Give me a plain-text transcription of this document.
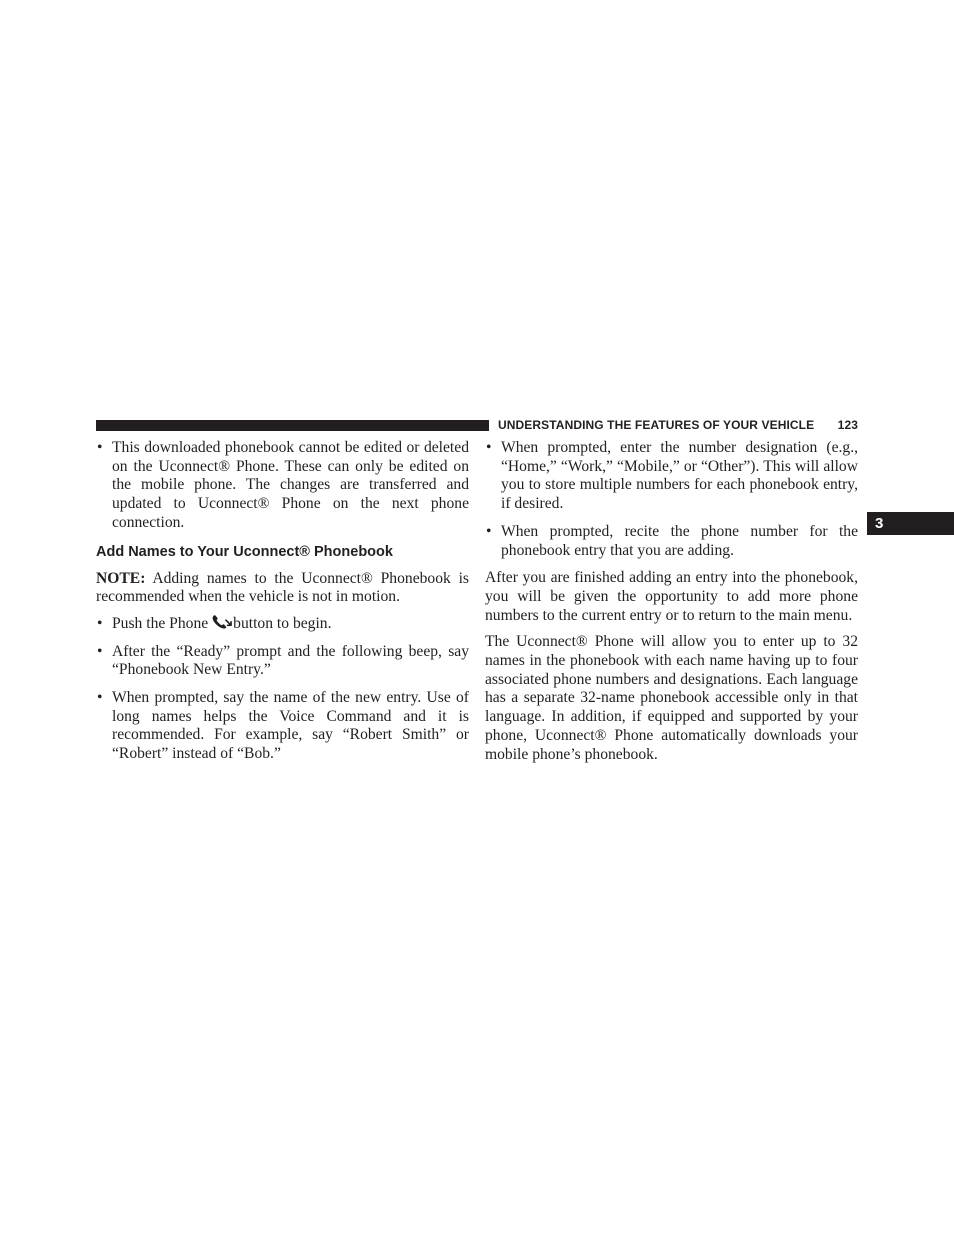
UNDERSTANDING THE FEATURES OF YOUR VEHICLE 123
3
• This downloaded phonebook cannot be edited or deleted on the Uconnect® Phone. These can only be edited on the mobile phone. The changes are transferred and updated to Uconnect® Phone on the next phone connection.
Add Names to Your Uconnect® Phonebook

NOTE: Adding names to the Uconnect® Phonebook is recommended when the vehicle is not in motion.

• Push the Phone button to begin.
• After the “Ready” prompt and the following beep, say “Phonebook New Entry.”
• When prompted, say the name of the new entry. Use of long names helps the Voice Command and it is recommended. For example, say “Robert Smith” or “Robert” instead of “Bob.”
• When prompted, enter the number designation (e.g., “Home,” “Work,” “Mobile,” or “Other”). This will allow you to store multiple numbers for each phonebook entry, if desired.
• When prompted, recite the phone number for the phonebook entry that you are adding.

After you are finished adding an entry into the phonebook, you will be given the opportunity to add more phone numbers to the current entry or to return to the main menu.

The Uconnect® Phone will allow you to enter up to 32 names in the phonebook with each name having up to four associated phone numbers and designations. Each language has a separate 32-name phonebook accessible only in that language. In addition, if equipped and supported by your phone, Uconnect® Phone automatically downloads your mobile phone’s phonebook.
